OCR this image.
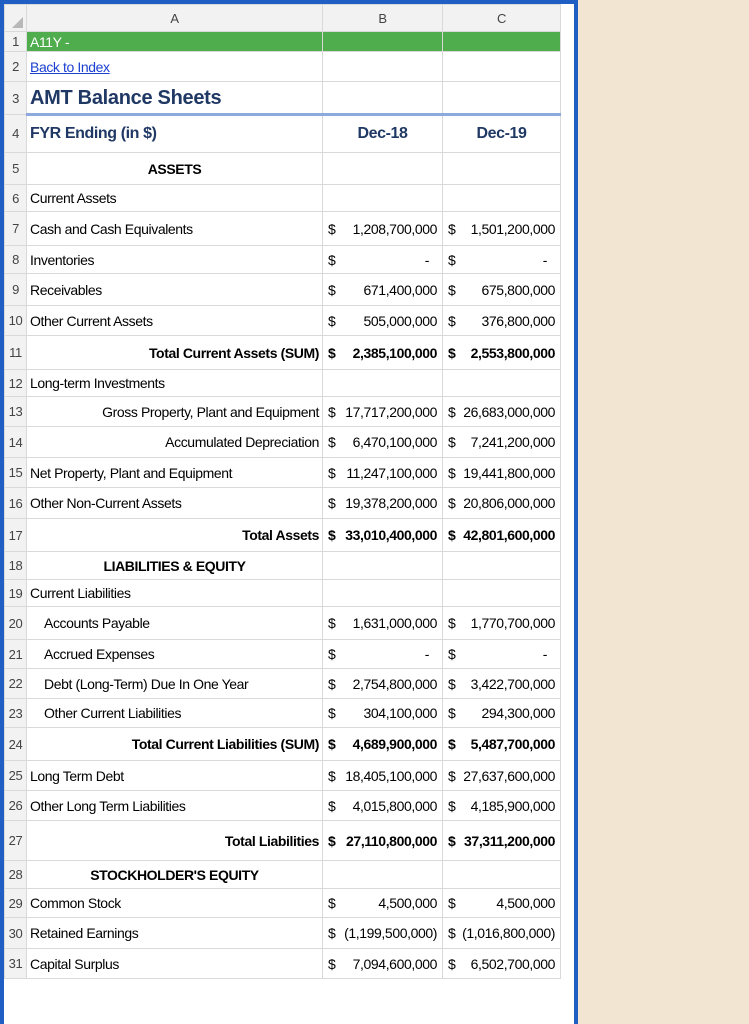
	A	B	C
1	A11Y -		
2	Back to Index		
3	AMT Balance Sheets		
4	FYR Ending (in $)	Dec-18	Dec-19
5	ASSETS		
6	Current Assets		
7	Cash and Cash Equivalents	$ 1,208,700,000	$ 1,501,200,000

8	Inventories	$ -	$ -

9	Receivables	$ 671,400,000	$ 675,800,000

10	Other Current Assets	$ 505,000,000	$ 376,800,000

11	Total Current Assets (SUM)	$ 2,385,100,000	$ 2,553,800,000

12	Long-term Investments		
13	Gross Property, Plant and Equipment	$ 17,717,200,000	$ 26,683,000,000

14	Accumulated Depreciation	$ 6,470,100,000	$ 7,241,200,000

15	Net Property, Plant and Equipment	$ 11,247,100,000	$ 19,441,800,000

16	Other Non-Current Assets	$ 19,378,200,000	$ 20,806,000,000

17	Total Assets	$ 33,010,400,000	$ 42,801,600,000

18	LIABILITIES & EQUITY		
19	Current Liabilities		
20	Accounts Payable	$ 1,631,000,000	$ 1,770,700,000

21	Accrued Expenses	$ -	$ -

22	Debt (Long-Term) Due In One Year	$ 2,754,800,000	$ 3,422,700,000

23	Other Current Liabilities	$ 304,100,000	$ 294,300,000

24	Total Current Liabilities (SUM)	$ 4,689,900,000	$ 5,487,700,000

25	Long Term Debt	$ 18,405,100,000	$ 27,637,600,000

26	Other Long Term Liabilities	$ 4,015,800,000	$ 4,185,900,000

27	Total Liabilities	$ 27,110,800,000	$ 37,311,200,000

28	STOCKHOLDER'S EQUITY		
29	Common Stock	$ 4,500,000	$ 4,500,000

30	Retained Earnings	$ (1,199,500,000)	$ (1,016,800,000)

31	Capital Surplus	$ 7,094,600,000	$ 6,502,700,000
